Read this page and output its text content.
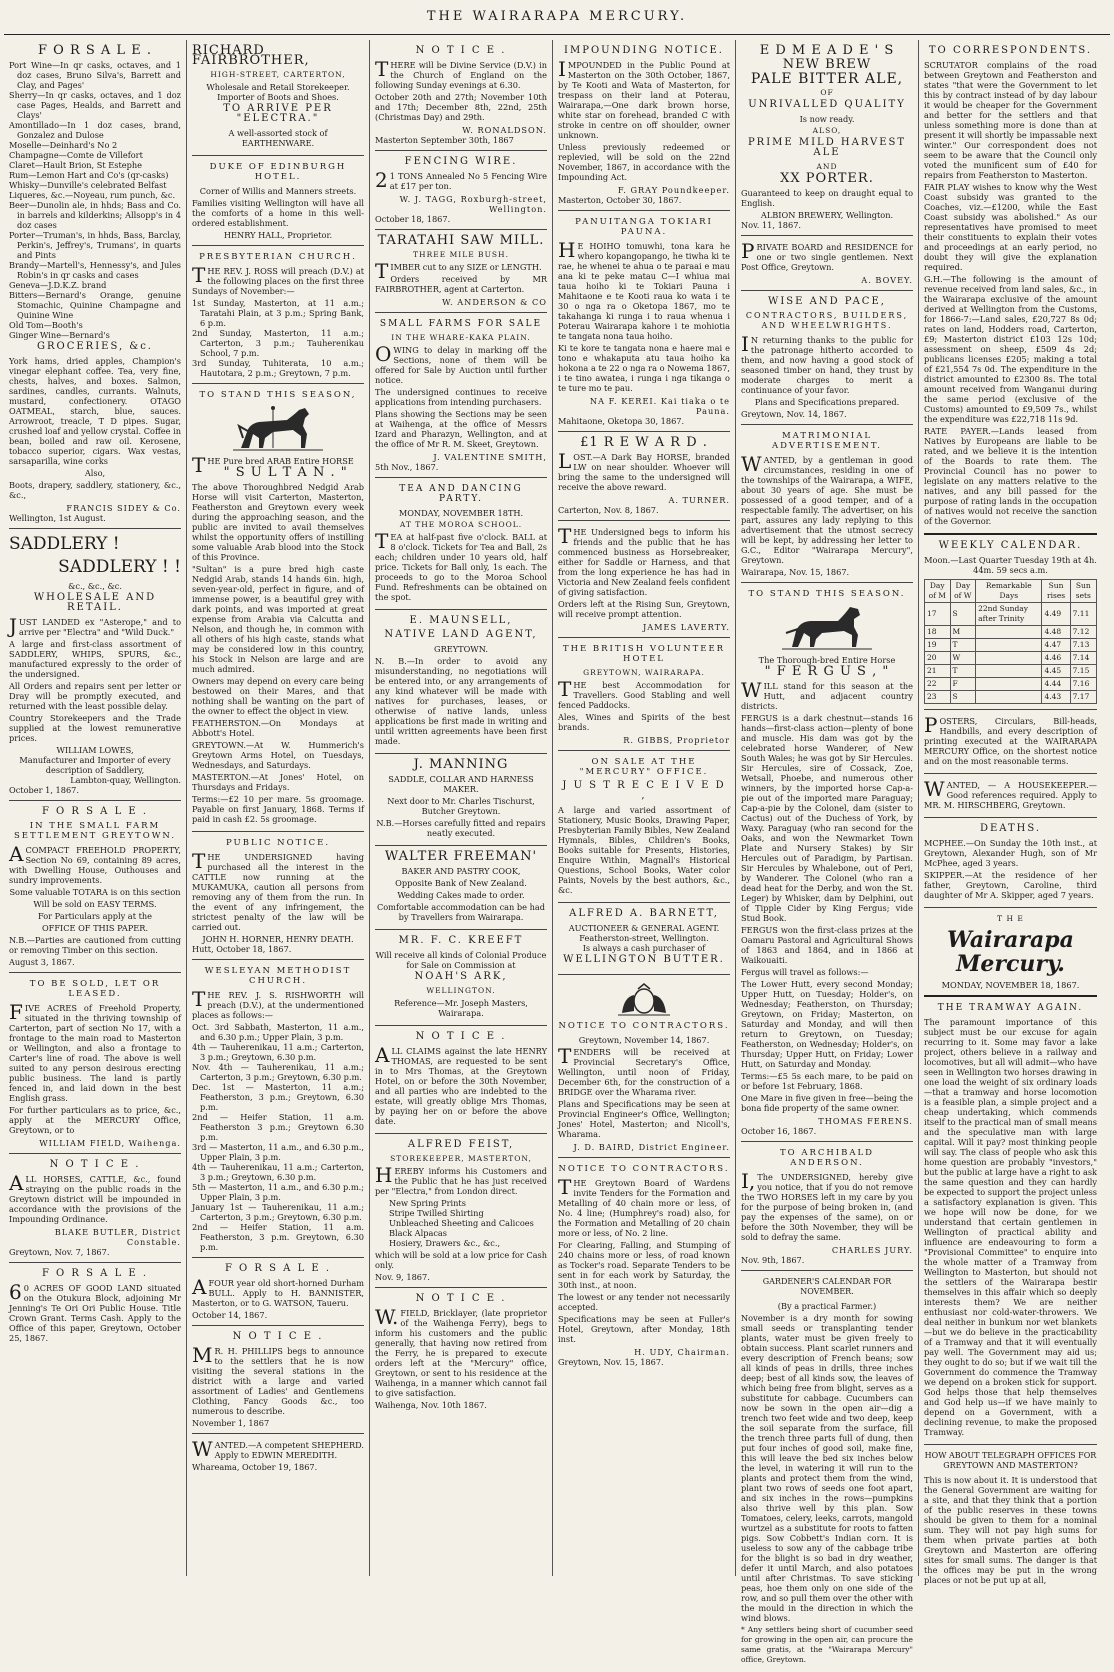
THE WAIRARAPA MERCURY.
F O R S A L E .

Port Wine—In qr casks, octaves, and 1 doz cases, Bruno Silva's, Barrett and Clay, and Pages'

Sherry—In qr casks, octaves, and 1 doz case Pages, Healds, and Barrett and Clays'

Amontillado—In 1 doz cases, brand, Gonzalez and Dulose

Moselle—Deinhard's No 2

Champagne—Comte de Villefort

Claret—Hault Brion, St Estephe

Rum—Lemon Hart and Co's (qr-casks)

Whisky—Dunville's celebrated Belfast

Liqueres, &c.—Noyeau, rum punch, &c.

Beer—Dunolin ale, in hhds; Bass and Co. in barrels and kilderkins; Allsopp's in 4 doz cases

Porter—Truman's, in hhds, Bass, Barclay, Perkin's, Jeffrey's, Trumans', in quarts and Pints

Brandy—Martell's, Hennessy's, and Jules Robin's in qr casks and cases

Geneva—J.D.K.Z. brand

Bitters—Bernard's Orange, genuine Stomachic, Quinine Champagne and Quinine Wine

Old Tom—Booth's

Ginger Wine—Bernard's

GROCERIES, &c.

York hams, dried apples, Champion's vinegar elephant coffee. Tea, very fine, chests, halves, and boxes. Salmon, sardines, candles, currants. Walnuts, mustard, confectionery. OTAGO OATMEAL, starch, blue, sauces. Arrowroot, treacle, T D pipes. Sugar, crushed loaf and yellow crystal. Coffee in bean, boiled and raw oil. Kerosene, tobacco superior, cigars. Wax vestas, sarsaparilla, wine corks

Also,

Boots, drapery, saddlery, stationery, &c., &c.,

FRANCIS SIDEY & Co.
Wellington, 1st August.
SADDLERY !
SADDLERY ! !
&c., &c., &c.
WHOLESALE AND RETAIL.

JUST LANDED ex "Asterope," and to arrive per "Electra" and "Wild Duck."

A large and first-class assortment of SADDLERY, WHIPS, SPURS, &c., manufactured expressly to the order of the undersigned.

All Orders and repairs sent per letter or Dray will be promptly executed, and returned with the least possible delay.

Country Storekeepers and the Trade supplied at the lowest remunerative prices.

WILLIAM LOWES,
Manufacturer and Importer of every description of Saddlery,
Lambton-quay, Wellington.
October 1, 1867.
F O R S A L E .
IN THE SMALL FARM SETTLEMENT GREYTOWN.

ACOMPACT FREEHOLD PROPERTY, Section No 69, containing 89 acres, with Dwelling House, Outhouses and sundry improvements.

Some valuable TOTARA is on this section

Will be sold on EASY TERMS.

For Particulars apply at the

OFFICE OF THIS PAPER.

N.B.—Parties are cautioned from cutting or removing Timber on this section.

August 3, 1867.
TO BE SOLD, LET OR LEASED.

FIVE ACRES of Freehold Property, situated in the thriving township of Carterton, part of section No 17, with a frontage to the main road to Masterton or Wellington, and also a frontage to Carter's line of road. The above is well suited to any person desirous erecting public business. The land is partly fenced in, and laid down in the best English grass.

For further particulars as to price, &c., apply at the MERCURY Office, Greytown, or to

WILLIAM FIELD, Waihenga.
N O T I C E .

ALL HORSES, CATTLE, &c., found straying on the public roads in the Greytown district will be impounded in accordance with the provisions of the Impounding Ordinance.

BLAKE BUTLER, District Constable.
Greytown, Nov. 7, 1867.
F O R S A L E .

60 ACRES OF GOOD LAND situated on the Otukura Block, adjoining Mr Jenning's Te Ori Ori Public House. Title Crown Grant. Terms Cash. Apply to the Office of this paper, Greytown, October 25, 1867.

RICHARD FAIRBROTHER,
HIGH-STREET, CARTERTON,

Wholesale and Retail Storekeeper. Importer of Boots and Shoes.

TO ARRIVE PER "ELECTRA."

A well-assorted stock of EARTHENWARE.

DUKE OF EDINBURGH HOTEL.

Corner of Willis and Manners streets.

Families visiting Wellington will have all the comforts of a home in this well-ordered establishment.

HENRY HALL, Proprietor.
PRESBYTERIAN CHURCH.

THE REV. J. ROSS will preach (D.V.) at the following places on the first three Sundays of November:—

1st Sunday, Masterton, at 11 a.m.; Taratahi Plain, at 3 p.m.; Spring Bank, 6 p.m.

2nd Sunday, Masterton, 11 a.m.; Carterton, 3 p.m.; Tauherenikau School, 7 p.m.

3rd Sunday, Tuhiterata, 10 a.m.; Hautotara, 2 p.m.; Greytown, 7 p.m.

TO STAND THIS SEASON,

THE Pure bred ARAB Entire HORSE

" S U L T A N . "

The above Thoroughbred Nedgid Arab Horse will visit Carterton, Masterton, Featherston and Greytown every week during the approaching season, and the public are invited to avail themselves whilst the opportunity offers of instilling some valuable Arab blood into the Stock of this Province.

"Sultan" is a pure bred high caste Nedgid Arab, stands 14 hands 6in. high, seven-year-old, perfect in figure, and of immense power, is a beautiful grey with dark points, and was imported at great expense from Arabia via Calcutta and Nelson, and though he, in common with all others of his high caste, stands what may be considered low in this country, his Stock in Nelson are large and are much admired.

Owners may depend on every care being bestowed on their Mares, and that nothing shall be wanting on the part of the owner to effect the object in view.

FEATHERSTON.—On Mondays at Abbott's Hotel.

GREYTOWN.—At W. Hummerich's Greytown Arms Hotel, on Tuesdays, Wednesdays, and Saturdays.

MASTERTON.—At Jones' Hotel, on Thursdays and Fridays.

Terms:—£2 10 per mare. 5s groomage. Payable on first January, 1868. Terms if paid in cash £2. 5s groomage.

PUBLIC NOTICE.

THE UNDERSIGNED having purchased all the interest in the CATTLE now running at the MUKAMUKA, caution all persons from removing any of them from the run. In the event of any infringement, the strictest penalty of the law will be carried out.

JOHN H. HORNER, HENRY DEATH.
Hutt, October 18, 1867.
WESLEYAN METHODIST CHURCH.

THE REV. J. S. RISHWORTH will preach (D.V.), at the undermentioned places as follows:—

Oct. 3rd Sabbath, Masterton, 11 a.m., and 6.30 p.m.; Upper Plain, 3 p.m.

4th — Tauherenikau, 11 a.m.; Carterton, 3 p.m.; Greytown, 6.30 p.m.

Nov. 4th — Tauherenikau, 11 a.m.; Carterton, 3 p.m.; Greytown, 6.30 p.m.

Dec. 1st — Masterton, 11 a.m.; Featherston, 3 p.m.; Greytown, 6.30 p.m.

2nd — Heifer Station, 11 a.m. Featherston 3 p.m.; Greytown 6.30 p.m.

3rd — Masterton, 11 a.m., and 6.30 p.m., Upper Plain, 3 p.m.

4th — Tauherenikau, 11 a.m.; Carterton, 3 p.m.; Greytown, 6.30 p.m.

5th — Masterton, 11 a.m., and 6.30 p.m.; Upper Plain, 3 p.m.

January 1st — Tauherenikau, 11 a.m.; Carterton, 3 p.m.; Greytown, 6.30 p.m.

2nd — Heifer Station, 11 a.m. Featherston, 3 p.m. Greytown, 6.30 p.m.

F O R S A L E .

AFOUR year old short-horned Durham BULL. Apply to H. BANNISTER, Masterton, or to G. WATSON, Taueru.

October 14, 1867.
N O T I C E .

MR. H. PHILLIPS begs to announce to the settlers that he is now visiting the several stations in the district with a large and varied assortment of Ladies' and Gentlemens Clothing, Fancy Goods &c., too numerous to describe.

November 1, 1867

WANTED.—A competent SHEPHERD. Apply to EDWIN MEREDITH.

Whareama, October 19, 1867.
N O T I C E .

THERE will be Divine Service (D.V.) in the Church of England on the following Sunday evenings at 6.30.

October 20th and 27th; November 10th and 17th; December 8th, 22nd, 25th (Christmas Day) and 29th.

W. RONALDSON.
Masterton September 30th, 1867
FENCING WIRE.

21 TONS Annealed No 5 Fencing Wire at £17 per ton.

W. J. TAGG, Roxburgh-street, Wellington.
October 18, 1867.
TARATAHI SAW MILL.
THREE MILE BUSH.

TIMBER cut to any SIZE or LENGTH.

Orders received by MR FAIRBROTHER, agent at Carterton.

W. ANDERSON & CO
SMALL FARMS FOR SALE
IN THE WHARE-KAKA PLAIN.

OWING to delay in marking off the Sections, none of them will be offered for Sale by Auction until further notice.

The undersigned continues to receive applications from intending purchasers.

Plans showing the Sections may be seen at Waihenga, at the office of Messrs Izard and Pharazyn, Wellington, and at the office of Mr R. M. Skeet, Greytown.

J. VALENTINE SMITH,
5th Nov., 1867.
TEA AND DANCING PARTY.
MONDAY, NOVEMBER 18TH.
AT THE MOROA SCHOOL.

TEA at half-past five o'clock. BALL at 8 o'clock. Tickets for Tea and Ball, 2s each; children under 10 years old, half price. Tickets for Ball only, 1s each. The proceeds to go to the Moroa School Fund. Refreshments can be obtained on the spot.

E. MAUNSELL,
NATIVE LAND AGENT,
GREYTOWN.

N. B.—In order to avoid any misunderstanding, no negotiations will be entered into, or any arrangements of any kind whatever will be made with natives for purchases, leases, or otherwise of native lands, unless applications be first made in writing and until written agreements have been first made.

J. MANNING
SADDLE, COLLAR AND HARNESS MAKER.

Next door to Mr. Charles Tischurst, Butcher Greytown.

N.B.—Horses carefully fitted and repairs neatly executed.

WALTER FREEMAN'
BAKER AND PASTRY COOK,

Opposite Bank of New Zealand.

Wedding Cakes made to order.

Comfortable accommodation can be had by Travellers from Wairarapa.

MR. F. C. KREEFT

Will receive all kinds of Colonial Produce for Sale on Commission at

NOAH'S ARK,
WELLINGTON.

Reference—Mr. Joseph Masters, Wairarapa.

N O T I C E .

ALL CLAIMS against the late HENRY THOMAS, are requested to be sent in to Mrs Thomas, at the Greytown Hotel, on or before the 30th November, and all parties who are indebted to the estate, will greatly oblige Mrs Thomas, by paying her on or before the above date.

ALFRED FEIST,
STOREKEEPER, MASTERTON,

HEREBY informs his Customers and the Public that he has just received per "Electra," from London direct.

New Spring Prints
Stripe Twilled Shirting
Unbleached Sheeting and Calicoes
Black Alpacas
Hosiery, Drawers &c., &c.,

which will be sold at a low price for Cash only.

Nov. 9, 1867.
N O T I C E .

W.FIELD, Bricklayer, (late proprietor of the Waihenga Ferry), begs to inform his customers and the public generally, that having now retired from the Ferry, he is prepared to execute orders left at the "Mercury" office, Greytown, or sent to his residence at the Waihenga, in a manner which cannot fail to give satisfaction.

Waihenga, Nov. 10th 1867.
IMPOUNDING NOTICE.

IMPOUNDED in the Public Pound at Masterton on the 30th October, 1867, by Te Kooti and Wata of Masterton, for trespass on their land at Poterau, Wairarapa,—One dark brown horse, white star on forehead, branded C with stroke in centre on off shoulder, owner unknown.

Unless previously redeemed or replevied, will be sold on the 22nd November, 1867, in accordance with the Impounding Act.

F. GRAY Poundkeeper.
Masterton, October 30, 1867.
PANUITANGA TOKIARI PAUNA.

HE HOIHO tomuwhi, tona kara he whero kopangopango, he tiwha ki te rae, he whenei te ahua o te paraai e mau ana ki te peke matau C—I whiua mai taua hoiho ki te Tokiari Pauna i Mahitaone e te Kooti raua ko wata i te 30 o nga ra o Oketopa 1867, mo te takahanga ki runga i to raua whenua i Poterau Wairarapa kahore i te mohiotia te tangata nona taua hoiho.

Ki te kore te tangata nona e haere mai e tono e whakaputa atu taua hoiho ka hokona a te 22 o nga ra o Nowema 1867, i te tino awatea, i runga i nga tikanga o te ture mo te pau.

NA F. KEREI. Kai tiaka o te Pauna.
Mahitaone, Oketopa 30, 1867.
£1 R E W A R D .

LOST.—A Dark Bay HORSE, branded LW on near shoulder. Whoever will bring the same to the undersigned will receive the above reward.

A. TURNER.
Carterton, Nov. 8, 1867.

THE Undersigned begs to inform his friends and the public that he has commenced business as Horsebreaker, either for Saddle or Harness, and that from the long experience he has had in Victoria and New Zealand feels confident of giving satisfaction.

Orders left at the Rising Sun, Greytown, will receive prompt attention.

JAMES LAVERTY.
THE BRITISH VOLUNTEER HOTEL
GREYTOWN, WAIRARAPA.

THE best Accommodation for Travellers. Good Stabling and well fenced Paddocks.

Ales, Wines and Spirits of the best brands.

R. GIBBS, Proprietor
ON SALE AT THE "MERCURY" OFFICE.
J U S T R E C E I V E D ,

A large and varied assortment of Stationery, Music Books, Drawing Paper, Presbyterian Family Bibles, New Zealand Hymnals, Bibles, Children's Books, Books suitable for Presents, Histories, Enquire Within, Magnall's Historical Questions, School Books, Water color Paints, Novels by the best authors, &c., &c.

ALFRED A. BARNETT,
AUCTIONEER & GENERAL AGENT.
Featherston-street, Wellington.
Is always a cash purchaser of
WELLINGTON BUTTER.
NOTICE TO CONTRACTORS.
Greytown, November 14, 1867.

TENDERS will be received at Provincial Secretary's Office, Wellington, until noon of Friday, December 6th, for the construction of a BRIDGE over the Wharama river.

Plans and Specifications may be seen at Provincial Engineer's Office, Wellington; Jones' Hotel, Masterton; and Nicoll's, Wharama.

J. D. BAIRD, District Engineer.
NOTICE TO CONTRACTORS.

THE Greytown Board of Wardens invite Tenders for the Formation and Metalling of 40 chain more or less, of No. 4 line; (Humphrey's road) also, for the Formation and Metalling of 20 chain more or less, of No. 2 line.

For Clearing, Falling, and Stumping of 240 chains more or less, of road known as Tocker's road. Separate Tenders to be sent in for each work by Saturday, the 30th inst., at noon.

The lowest or any tender not necessarily accepted.

Specifications may be seen at Fuller's Hotel, Greytown, after Monday, 18th inst.

H. UDY, Chairman.
Greytown, Nov. 15, 1867.
E D M E A D E ' S
NEW BREW
PALE BITTER ALE,
OF
UNRIVALLED QUALITY
Is now ready.
ALSO,
PRIME MILD HARVEST ALE
AND
XX PORTER.

Guaranteed to keep on draught equal to English.

ALBION BREWERY, Wellington.
Nov. 11, 1867.

PRIVATE BOARD and RESIDENCE for one or two single gentlemen. Next Post Office, Greytown.

A. BOVEY.
WISE AND PACE,
CONTRACTORS, BUILDERS, AND WHEELWRIGHTS.

IN returning thanks to the public for the patronage hitherto accorded to them, and now having a good stock of seasoned timber on hand, they trust by moderate charges to merit a continuance of your favor.

Plans and Specifications prepared.

Greytown, Nov. 14, 1867.
MATRIMONIAL ADVERTISEMENT.

WANTED, by a gentleman in good circumstances, residing in one of the townships of the Wairarapa, a WIFE, about 30 years of age. She must be possessed of a good temper, and of a respectable family. The advertiser, on his part, assures any lady replying to this advertisement that the utmost secrecy will be kept, by addressing her letter to G.C., Editor "Wairarapa Mercury", Greytown.

Wairarapa, Nov. 15, 1867.
TO STAND THIS SEASON.
The Thorough-bred Entire Horse
" F E R G U S , "

WILL stand for this season at the Hutt, and adjacent country districts.

FERGUS is a dark chestnut—stands 16 hands—first-class action—plenty of bone and muscle. His dam was got by the celebrated horse Wanderer, of New South Wales; he was got by Sir Hercules. Sir Hercules, sire of Cossack, Zoe, Wetsall, Phoebe, and numerous other winners, by the imported horse Cap-a-pie out of the imported mare Paraguay; Cap-a-pie by the Colonel, dam (sister to Cactus) out of the Duchess of York, by Waxy. Paraguay (who ran second for the Oaks, and won the Newmarket Town Plate and Nursery Stakes) by Sir Hercules out of Paradigm, by Partisan. Sir Hercules by Whalebone, out of Peri, by Wanderer. The Colonel (who ran a dead heat for the Derby, and won the St. Leger) by Whisker, dam by Delphini, out of Tipple Cider by King Fergus; vide Stud Book.

FERGUS won the first-class prizes at the Oamaru Pastoral and Agricultural Shows of 1863 and 1864, and in 1866 at Waikouaiti.

Fergus will travel as follows:—

The Lower Hutt, every second Monday; Upper Hutt, on Tuesday; Holder's, on Wednesday; Featherston, on Thursday; Greytown, on Friday; Masterton, on Saturday and Monday, and will then return to Greytown, on Tuesday; Featherston, on Wednesday; Holder's, on Thursday; Upper Hutt, on Friday; Lower Hutt, on Saturday and Monday.

Terms:—£5 5s each mare, to be paid on or before 1st February, 1868.

One Mare in five given in free—being the bona fide property of the same owner.

THOMAS FERENS.
October 16, 1867.
TO ARCHIBALD ANDERSON.

I,The UNDERSIGNED, hereby give you notice, that if you do not remove the TWO HORSES left in my care by you for the purpose of being broken in, (and pay the expenses of the same), on or before the 30th November, they will be sold to defray the same.

CHARLES JURY.
Nov. 9th, 1867.
GARDENER'S CALENDAR FOR NOVEMBER.
(By a practical Farmer.)

November is a dry month for sowing small seeds or transplanting tender plants, water must be given freely to obtain success. Plant scarlet runners and every description of French beans; sow all kinds of peas in drills, three inches deep; best of all kinds sow, the leaves of which being free from blight, serves as a substitute for cabbage. Cucumbers can now be sown in the open air—dig a trench two feet wide and two deep, keep the soil separate from the surface, fill the trench three parts full of dung, then put four inches of good soil, make fine, this will leave the bed six inches below the level, in watering it will run to the plants and protect them from the wind, plant two rows of seeds one foot apart, and six inches in the rows—pumpkins also thrive well by this plan. Sow Tomatoes, celery, leeks, carrots, mangold wurtzel as a substitute for roots to fatten pigs. Sow Cobbett's Indian corn. It is useless to sow any of the cabbage tribe for the blight is so bad in dry weather, defer it until March, and also potatoes until after Christmas. To save sticking peas, hoe them only on one side of the row, and so pull them over the other with the mould in the direction in which the wind blows.

* Any settlers being short of cucumber seed for growing in the open air, can procure the same gratis, at the "Wairarapa Mercury" office, Greytown.

TO CORRESPONDENTS.

SCRUTATOR complains of the road between Greytown and Featherston and states "that were the Government to let this by contract instead of by day labour it would be cheaper for the Government and better for the settlers and that unless something more is done than at present it will shortly be impassable next winter." Our correspondent does not seem to be aware that the Council only voted the munificent sum of £40 for repairs from Featherston to Masterton.

FAIR PLAY wishes to know why the West Coast subsidy was granted to the Coaches, viz.—£1200, while the East Coast subsidy was abolished." As our representatives have promised to meet their constituents to explain their votes and proceedings at an early period, no doubt they will give the explanation required.

G.H.—The following is the amount of revenue received from land sales, &c., in the Wairarapa exclusive of the amount derived at Wellington from the Customs, for 1866-7:—Land sales, £20,727 8s 0d; rates on land, Hodders road, Carterton, £9; Masterton district £103 12s 10d; assessment on sheep, £509 4s 2d; publicans licenses £205; making a total of £21,554 7s 0d. The expenditure in the district amounted to £2300 8s. The total amount received from Wanganui during the same period (exclusive of the Customs) amounted to £9,509 7s., whilst the expenditure was £22,718 11s 9d.

RATE PAYER.—Lands leased from Natives by Europeans are liable to be rated, and we believe it is the intention of the Boards to rate them. The Provincial Council has no power to legislate on any matters relative to the natives, and any bill passed for the purpose of rating lands in the occupation of natives would not receive the sanction of the Governor.

WEEKLY CALENDAR.
Moon.—Last Quarter Tuesday 19th at 4h. 44m. 59 secs a.m.
Day of M	Day of W	Remarkable Days	Sun rises	Sun sets
17	S	22nd Sunday after Trinity	4.49	7.11
18	M		4.48	7.12
19	T		4.47	7.13
20	W		4.46	7.14
21	T		4.45	7.15
22	F		4.44	7.16
23	S		4.43	7.17

POSTERS, Circulars, Bill-heads, Handbills, and every description of printing executed at the WAIRARAPA MERCURY Office, on the shortest notice and on the most reasonable terms.

WANTED, — A HOUSEKEEPER.— Good references required. Apply to MR. M. HIRSCHBERG, Greytown.

DEATHS.

MCPHEE.—On Sunday the 10th inst., at Greytown, Alexander Hugh, son of Mr McPhee, aged 3 years.

SKIPPER.—At the residence of her father, Greytown, Caroline, third daughter of Mr A. Skipper, aged 7 years.

T H E
Wairarapa Mercury.
MONDAY, NOVEMBER 18, 1867.
THE TRAMWAY AGAIN.

The paramount importance of this subject must be our excuse for again recurring to it. Some may favor a lake project, others believe in a railway and locomotives, but all will admit—who have seen in Wellington two horses drawing in one load the weight of six ordinary loads—that a tramway and horse locomotion is a feasible plan, a simple project and a cheap undertaking, which commends itself to the practical man of small means and the speculative man with large capital. Will it pay? most thinking people will say. The class of people who ask this home question are probably "investors," but the public at large have a right to ask the same question and they can hardly be expected to support the project unless a satisfactory explanation is given. This we hope will now be done, for we understand that certain gentlemen in Wellington of practical ability and influence are endeavouring to form a "Provisional Committee" to enquire into the whole matter of a Tramway from Wellington to Masterton, but should not the settlers of the Wairarapa bestir themselves in this affair which so deeply interests them? We are neither enthusiast nor cold-water-throwers. We deal neither in bunkum nor wet blankets—but we do believe in the practicability of a Tramway and that it will eventually pay well. The Government may aid us; they ought to do so; but if we wait till the Government do commence the Tramway we depend on a broken stick for support. God helps those that help themselves and God help us—if we have mainly to depend on a Government, with a declining revenue, to make the proposed Tramway.

HOW ABOUT TELEGRAPH OFFICES FOR GREYTOWN AND MASTERTON?

This is now about it. It is understood that the General Government are waiting for a site, and that they think that a portion of the public reserves in these towns should be given to them for a nominal sum. They will not pay high sums for them when private parties at both Greytown and Masterton are offering sites for small sums. The danger is that the offices may be put in the wrong places or not be put up at all,
